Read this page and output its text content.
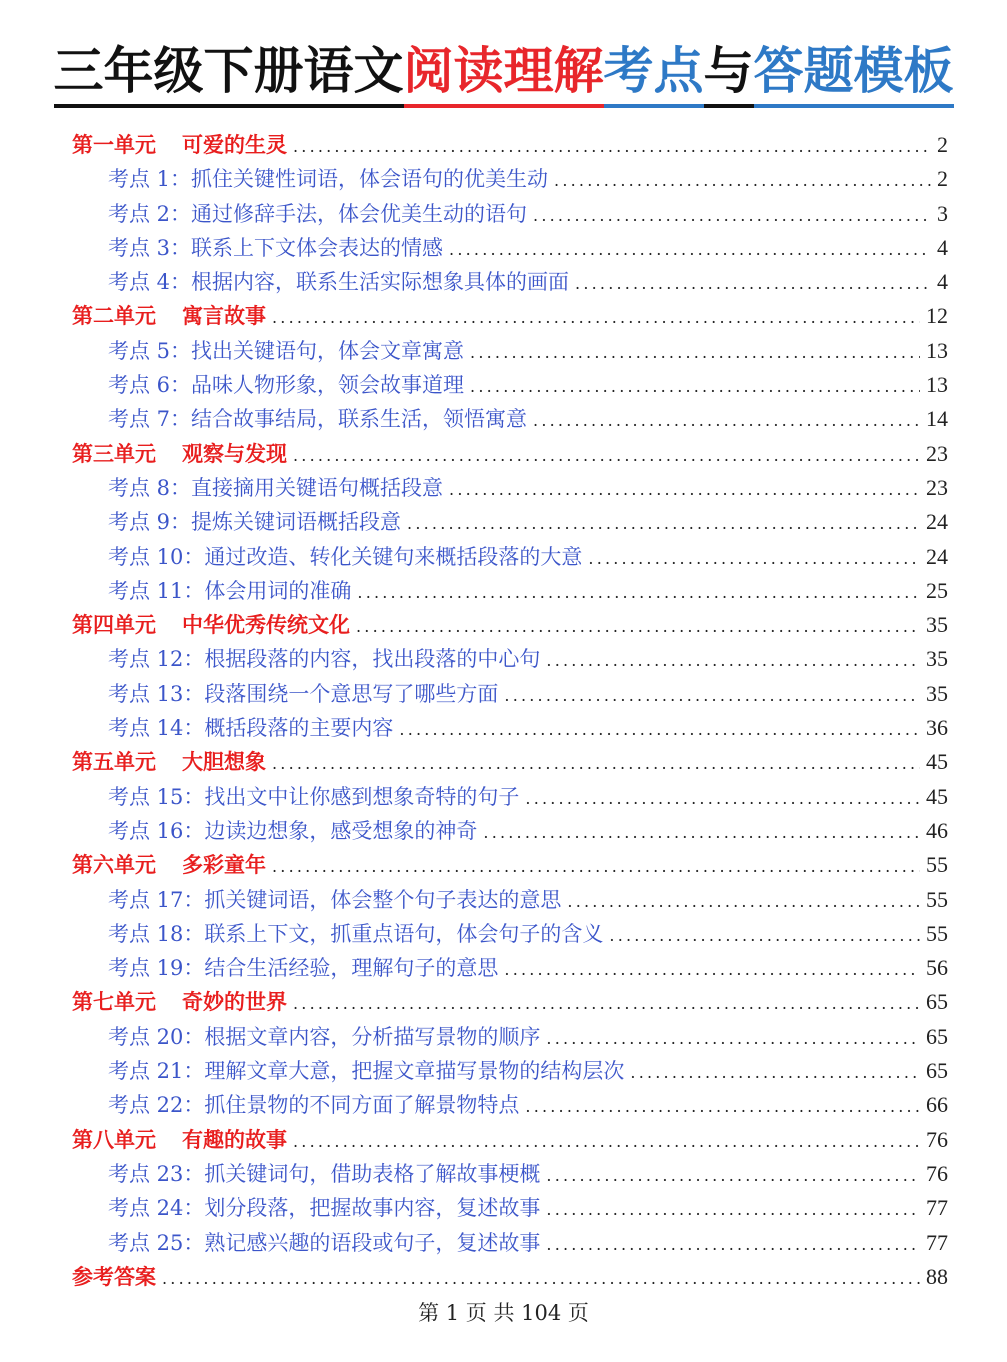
三年级下册语文阅读理解考点与答题模板
第一单元 可爱的生灵 .....	2
考点 1：抓住关键性词语，体会语句的优美生动 .....	2
考点 2：通过修辞手法，体会优美生动的语句 .....	3
考点 3：联系上下文体会表达的情感 .....	4
考点 4：根据内容，联系生活实际想象具体的画面 .....	4
第二单元 寓言故事 .....	12
考点 5：找出关键语句，体会文章寓意 .....	13
考点 6：品味人物形象，领会故事道理 .....	13
考点 7：结合故事结局，联系生活，领悟寓意 .....	14
第三单元 观察与发现 .....	23
考点 8：直接摘用关键语句概括段意 .....	23
考点 9：提炼关键词语概括段意 .....	24
考点 10：通过改造、转化关键句来概括段落的大意 .....	24
考点 11：体会用词的准确 .....	25
第四单元 中华优秀传统文化 .....	35
考点 12：根据段落的内容，找出段落的中心句 .....	35
考点 13：段落围绕一个意思写了哪些方面 .....	35
考点 14：概括段落的主要内容 .....	36
第五单元 大胆想象 .....	45
考点 15：找出文中让你感到想象奇特的句子 .....	45
考点 16：边读边想象，感受想象的神奇 .....	46
第六单元 多彩童年 .....	55
考点 17：抓关键词语，体会整个句子表达的意思 .....	55
考点 18：联系上下文，抓重点语句，体会句子的含义 .....	55
考点 19：结合生活经验，理解句子的意思 .....	56
第七单元 奇妙的世界 .....	65
考点 20：根据文章内容，分析描写景物的顺序 .....	65
考点 21：理解文章大意，把握文章描写景物的结构层次 .....	65
考点 22：抓住景物的不同方面了解景物特点 .....	66
第八单元 有趣的故事 .....	76
考点 23：抓关键词句，借助表格了解故事梗概 .....	76
考点 24：划分段落，把握故事内容，复述故事 .....	77
考点 25：熟记感兴趣的语段或句子，复述故事 .....	77
参考答案 .....	88
第 1 页 共 104 页
